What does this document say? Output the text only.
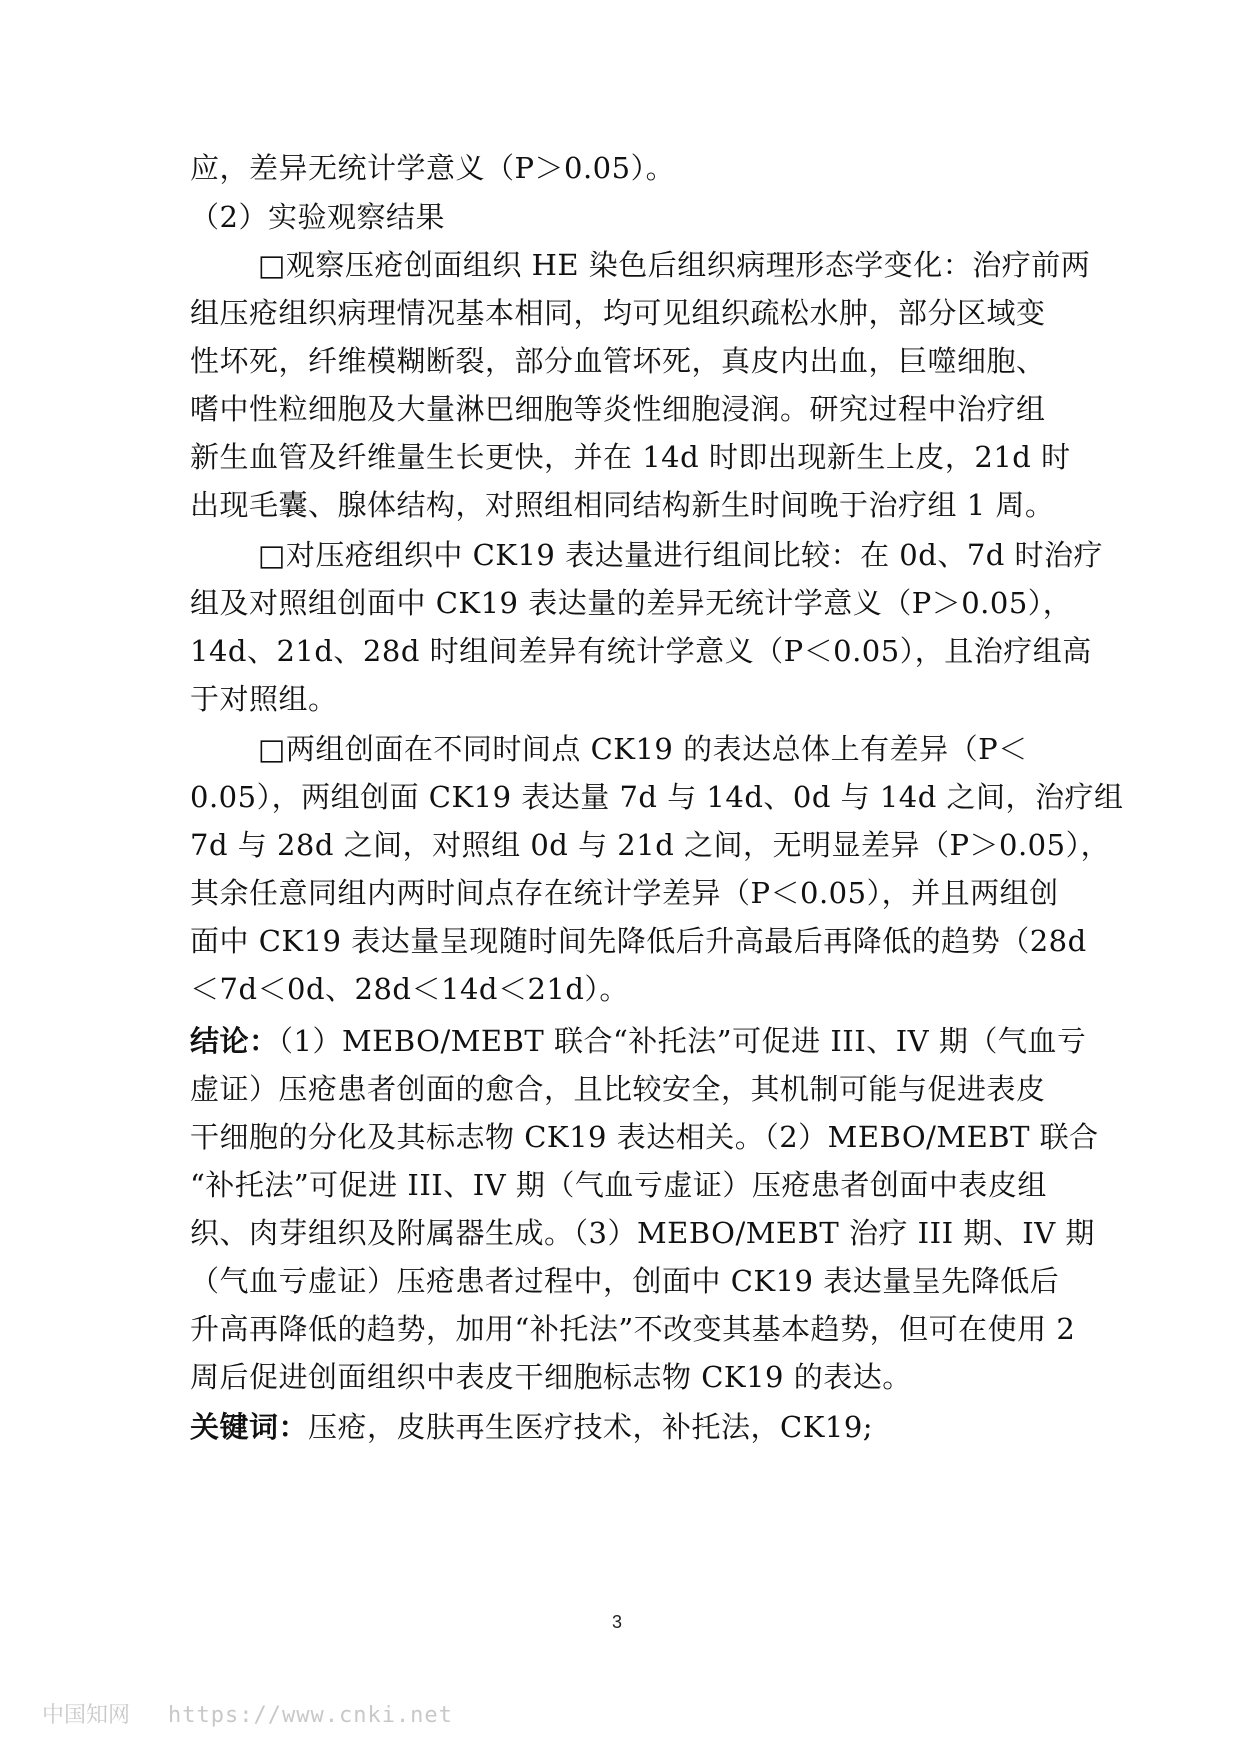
应，差异无统计学意义（P＞0.05）。
（2）实验观察结果
□观察压疮创面组织 HE 染色后组织病理形态学变化：治疗前两
组压疮组织病理情况基本相同，均可见组织疏松水肿，部分区域变
性坏死，纤维模糊断裂，部分血管坏死，真皮内出血，巨噬细胞、
嗜中性粒细胞及大量淋巴细胞等炎性细胞浸润。研究过程中治疗组
新生血管及纤维量生长更快，并在 14d 时即出现新生上皮，21d 时
出现毛囊、腺体结构，对照组相同结构新生时间晚于治疗组 1 周。
□对压疮组织中 CK19 表达量进行组间比较：在 0d、7d 时治疗
组及对照组创面中 CK19 表达量的差异无统计学意义（P＞0.05），
14d、21d、28d 时组间差异有统计学意义（P＜0.05），且治疗组高
于对照组。
□两组创面在不同时间点 CK19 的表达总体上有差异（P＜
0.05），两组创面 CK19 表达量 7d 与 14d、0d 与 14d 之间，治疗组
7d 与 28d 之间，对照组 0d 与 21d 之间，无明显差异（P＞0.05），
其余任意同组内两时间点存在统计学差异（P＜0.05），并且两组创
面中 CK19 表达量呈现随时间先降低后升高最后再降低的趋势（28d
＜7d＜0d、28d＜14d＜21d）。
结论：（1）MEBO/MEBT 联合“补托法”可促进 III、IV 期（气血亏
虚证）压疮患者创面的愈合，且比较安全，其机制可能与促进表皮
干细胞的分化及其标志物 CK19 表达相关。（2）MEBO/MEBT 联合
“补托法”可促进 III、IV 期（气血亏虚证）压疮患者创面中表皮组
织、肉芽组织及附属器生成。（3）MEBO/MEBT 治疗 III 期、IV 期
（气血亏虚证）压疮患者过程中，创面中 CK19 表达量呈先降低后
升高再降低的趋势，加用“补托法”不改变其基本趋势，但可在使用 2
周后促进创面组织中表皮干细胞标志物 CK19 的表达。
关键词：压疮，皮肤再生医疗技术，补托法，CK19;
3
中国知网 https://www.cnki.net
